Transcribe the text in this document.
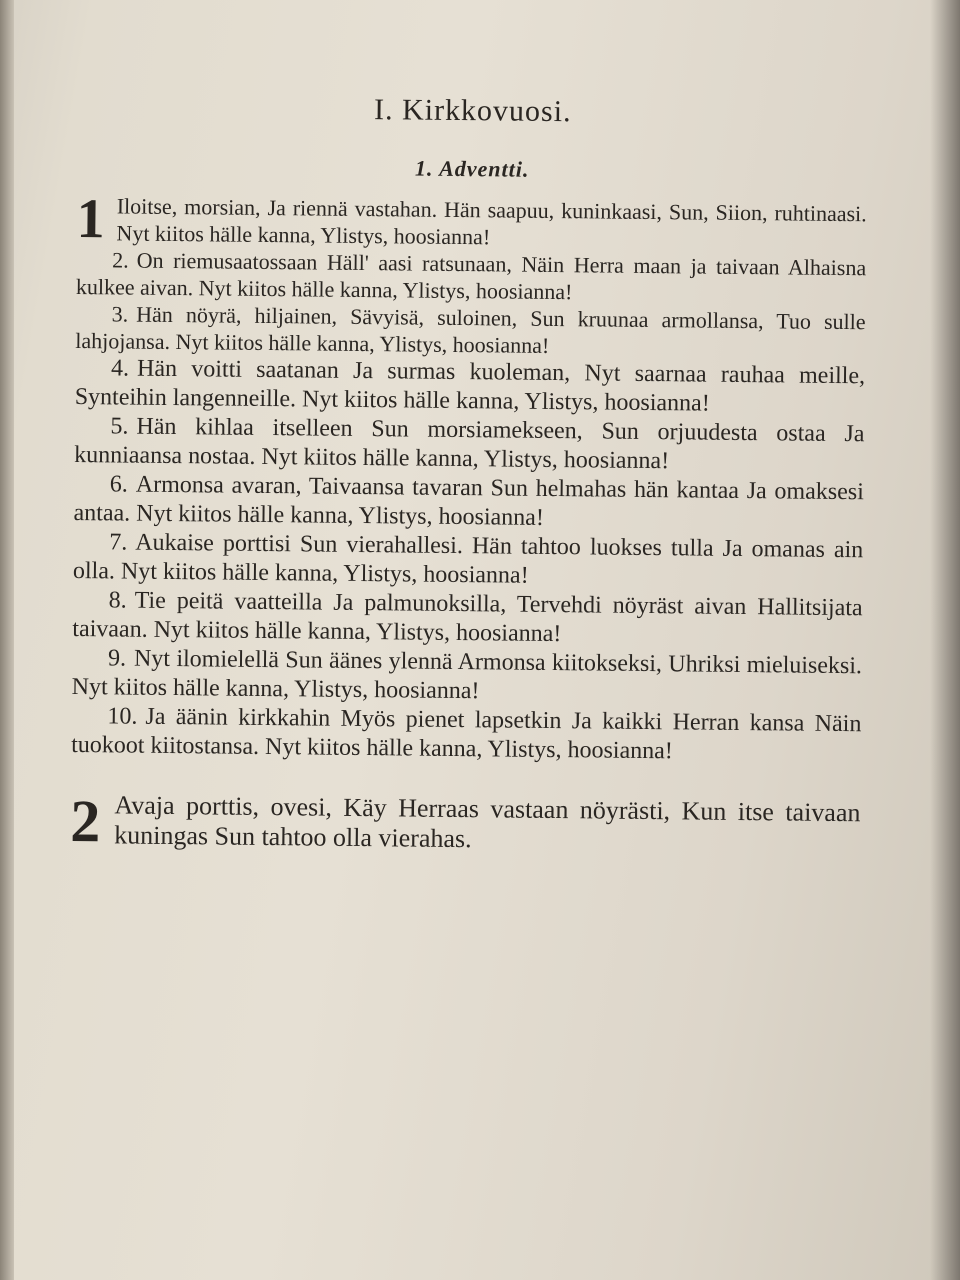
I. Kirkkovuosi.
1. Adventti.
1 Iloitse, morsian, Ja riennä vastahan. Hän saapuu, kuninkaasi, Sun, Siion, ruhtinaasi. Nyt kiitos hälle kanna, Ylistys, hoosianna!

2. On riemusaatossaan Häll' aasi ratsunaan, Näin Herra maan ja taivaan Alhaisna kulkee aivan. Nyt kiitos hälle kanna, Ylistys, hoosianna!

3. Hän nöyrä, hiljainen, Sävyisä, suloinen, Sun kruunaa armollansa, Tuo sulle lahjojansa. Nyt kiitos hälle kanna, Ylistys, hoosianna!

4. Hän voitti saatanan Ja surmas kuoleman, Nyt saarnaa rauhaa meille, Synteihin langenneille. Nyt kiitos hälle kanna, Ylistys, hoosianna!

5. Hän kihlaa itselleen Sun morsiamekseen, Sun orjuudesta ostaa Ja kunniaansa nostaa. Nyt kiitos hälle kanna, Ylistys, hoosianna!

6. Armonsa avaran, Taivaansa tavaran Sun helmahas hän kantaa Ja omaksesi antaa. Nyt kiitos hälle kanna, Ylistys, hoosianna!

7. Aukaise porttisi Sun vierahallesi. Hän tahtoo luokses tulla Ja omanas ain olla. Nyt kiitos hälle kanna, Ylistys, hoosianna!

8. Tie peitä vaatteilla Ja palmunoksilla, Tervehdi nöyräst aivan Hallitsijata taivaan. Nyt kiitos hälle kanna, Ylistys, hoosianna!

9. Nyt ilomielellä Sun äänes ylennä Armonsa kiitokseksi, Uhriksi mieluiseksi. Nyt kiitos hälle kanna, Ylistys, hoosianna!

10. Ja äänin kirkkahin Myös pienet lapsetkin Ja kaikki Herran kansa Näin tuokoot kiitostansa. Nyt kiitos hälle kanna, Ylistys, hoosianna!

2 Avaja porttis, ovesi, Käy Herraas vastaan nöyrästi, Kun itse taivaan kuningas Sun tahtoo olla vierahas.
